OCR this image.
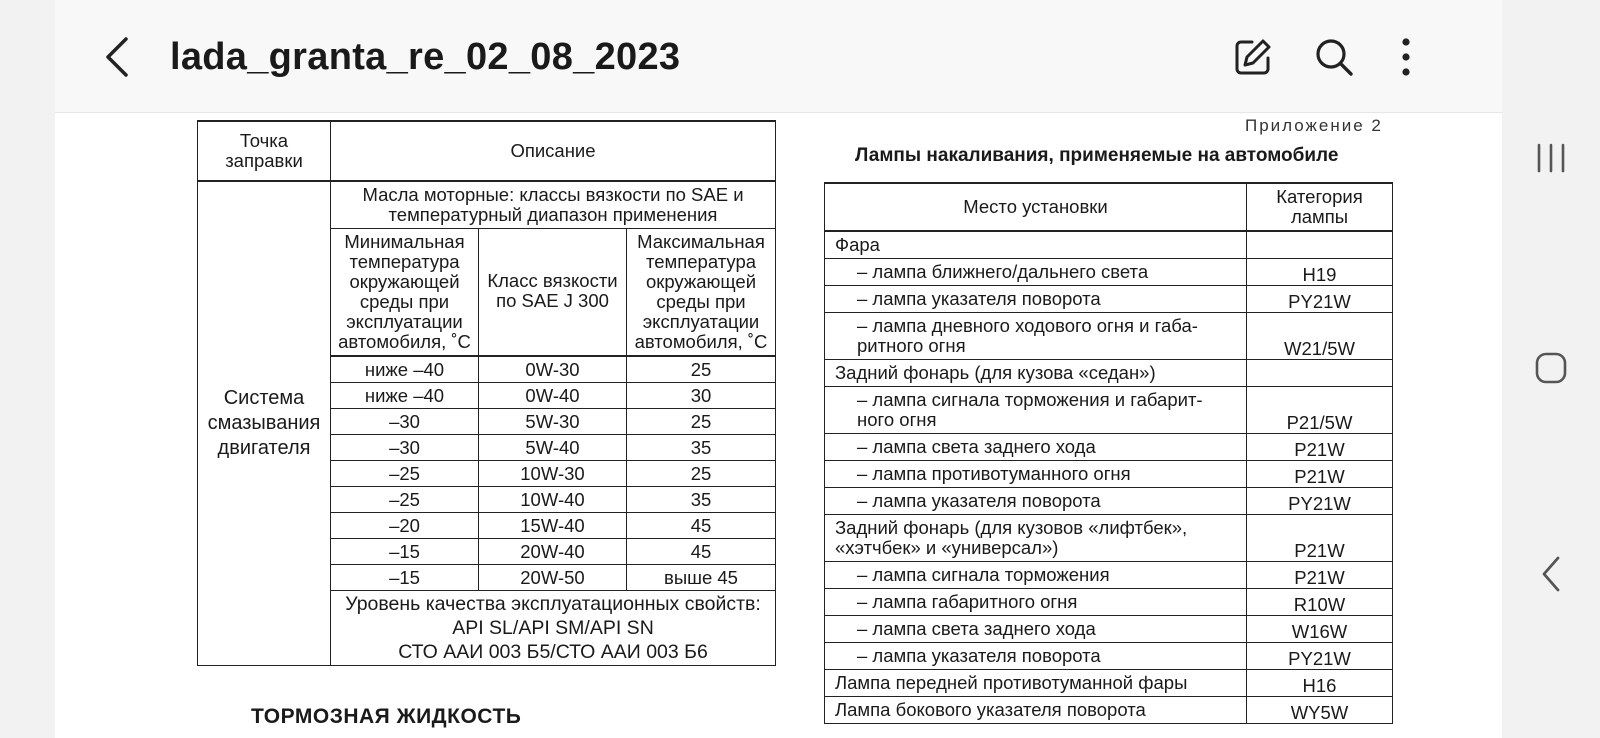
lada_granta_re_02_08_2023
Точка заправки	Описание		
Система смазывания двигателя	Масла моторные: классы вязкости по SAE и температурный диапазон применения		
	Минимальная температура окружающей среды при эксплуатации автомобиля, ˚C	Класс вязкости по SAE J 300	Максимальная температура окружающей среды при эксплуатации автомобиля, ˚C
	ниже –40	0W-30	25
	ниже –40	0W-40	30
	–30	5W-30	25
	–30	5W-40	35
	–25	10W-30	25
	–25	10W-40	35
	–20	15W-40	45
	–15	20W-40	45
	–15	20W-50	выше 45

	Уровень качества эксплуатационных свойств:
API SL/API SM/API SN
СТО ААИ 003 Б5/СТО ААИ 003 Б6		
Место установки	Категория лампы
Фара	
– лампа ближнего/дальнего света	H19
– лампа указателя поворота	PY21W

– лампа дневного ходового огня и габа-
ритного огня	W21/5W
Задний фонарь (для кузова «седан»)	

– лампа сигнала торможения и габарит-
ного огня	P21/5W
– лампа света заднего хода	P21W
– лампа противотуманного огня	P21W
– лампа указателя поворота	PY21W

Задний фонарь (для кузовов «лифтбек»,
«хэтчбек» и «универсал»)	P21W
– лампа сигнала торможения	P21W
– лампа габаритного огня	R10W
– лампа света заднего хода	W16W
– лампа указателя поворота	PY21W
Лампа передней противотуманной фары	H16
Лампа бокового указателя поворота	WY5W
Приложение 2
Лампы накаливания, применяемые на автомобиле
ТОРМОЗНАЯ ЖИДКОСТЬ
